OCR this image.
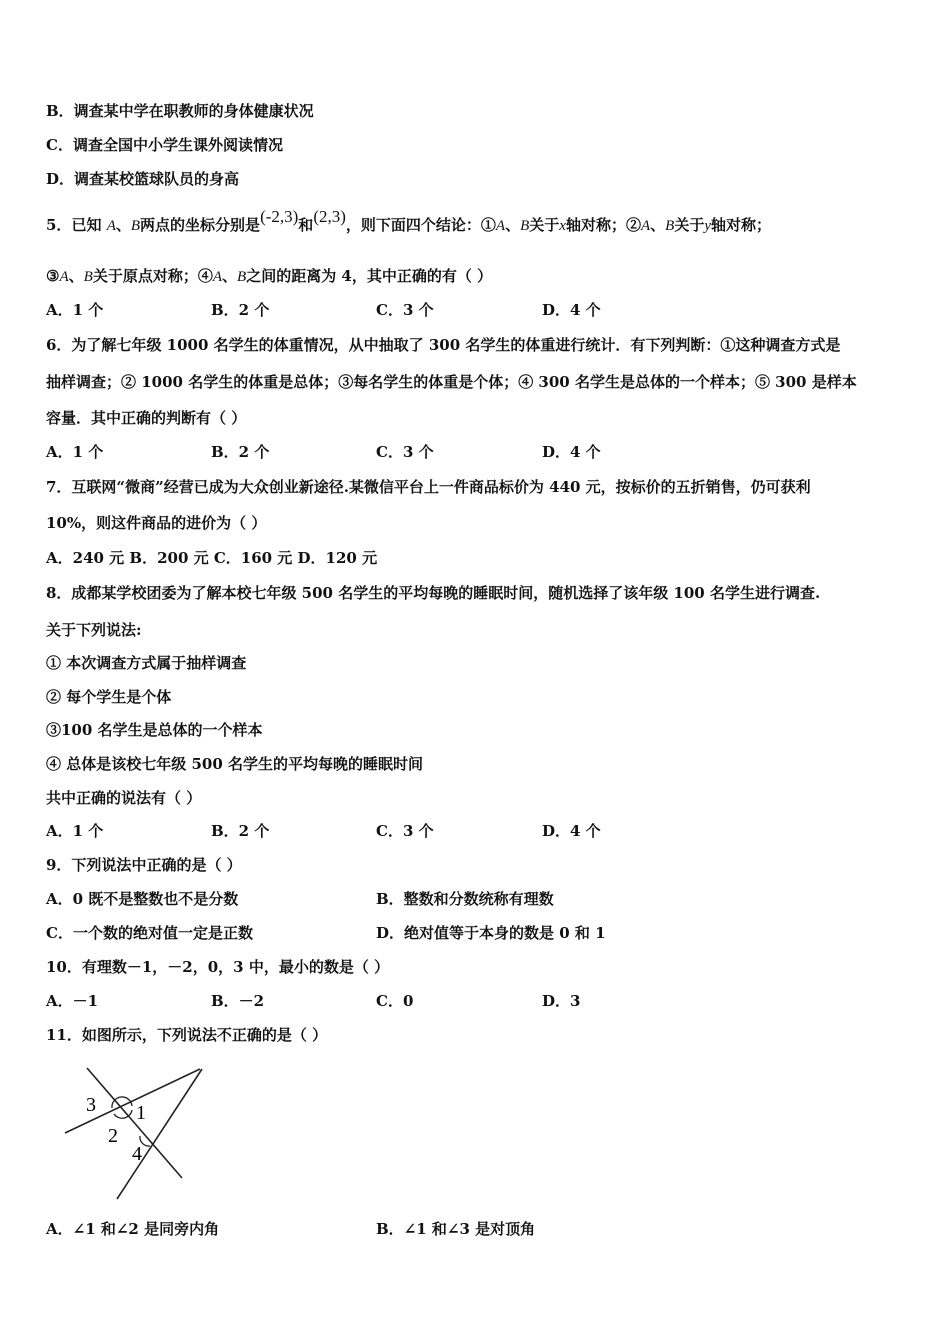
B．调查某中学在职教师的身体健康状况
C．调查全国中小学生课外阅读情况
D．调查某校篮球队员的身高
5．已知 A、B两点的坐标分别是(‑2,3)和(2,3)，则下面四个结论：①A、B关于x轴对称；②A、B关于y轴对称；
③A、B关于原点对称；④A、B之间的距离为 4，其中正确的有（ ）
A．1 个	B．2 个	C．3 个	D．4 个
6．为了解七年级 1000 名学生的体重情况，从中抽取了 300 名学生的体重进行统计．有下列判断：①这种调查方式是
抽样调查；② 1000 名学生的体重是总体；③每名学生的体重是个体；④ 300 名学生是总体的一个样本；⑤ 300 是样本
容量．其中正确的判断有（ ）
A．1 个	B．2 个	C．3 个	D．4 个
7．互联网“微商”经营已成为大众创业新途径.某微信平台上一件商品标价为 440 元，按标价的五折销售，仍可获利
10%，则这件商品的进价为（ ）
A．240 元 B．200 元 C．160 元 D．120 元
8．成都某学校团委为了解本校七年级 500 名学生的平均每晚的睡眠时间，随机选择了该年级 100 名学生进行调查.
关于下列说法:
① 本次调查方式属于抽样调查
② 每个学生是个体
③100 名学生是总体的一个样本
④ 总体是该校七年级 500 名学生的平均每晚的睡眠时间
共中正确的说法有（ ）
A．1 个	B．2 个	C．3 个	D．4 个
9．下列说法中正确的是（ ）
A．0 既不是整数也不是分数	B．整数和分数统称有理数
C．一个数的绝对值一定是正数	D．绝对值等于本身的数是 0 和 1
10．有理数－1，－2，0，3 中，最小的数是（ ）
A．－1	B．－2	C．0	D．3
11．如图所示，下列说法不正确的是（ ）
3 1
2
4
A．∠1 和∠2 是同旁内角	B．∠1 和∠3 是对顶角
